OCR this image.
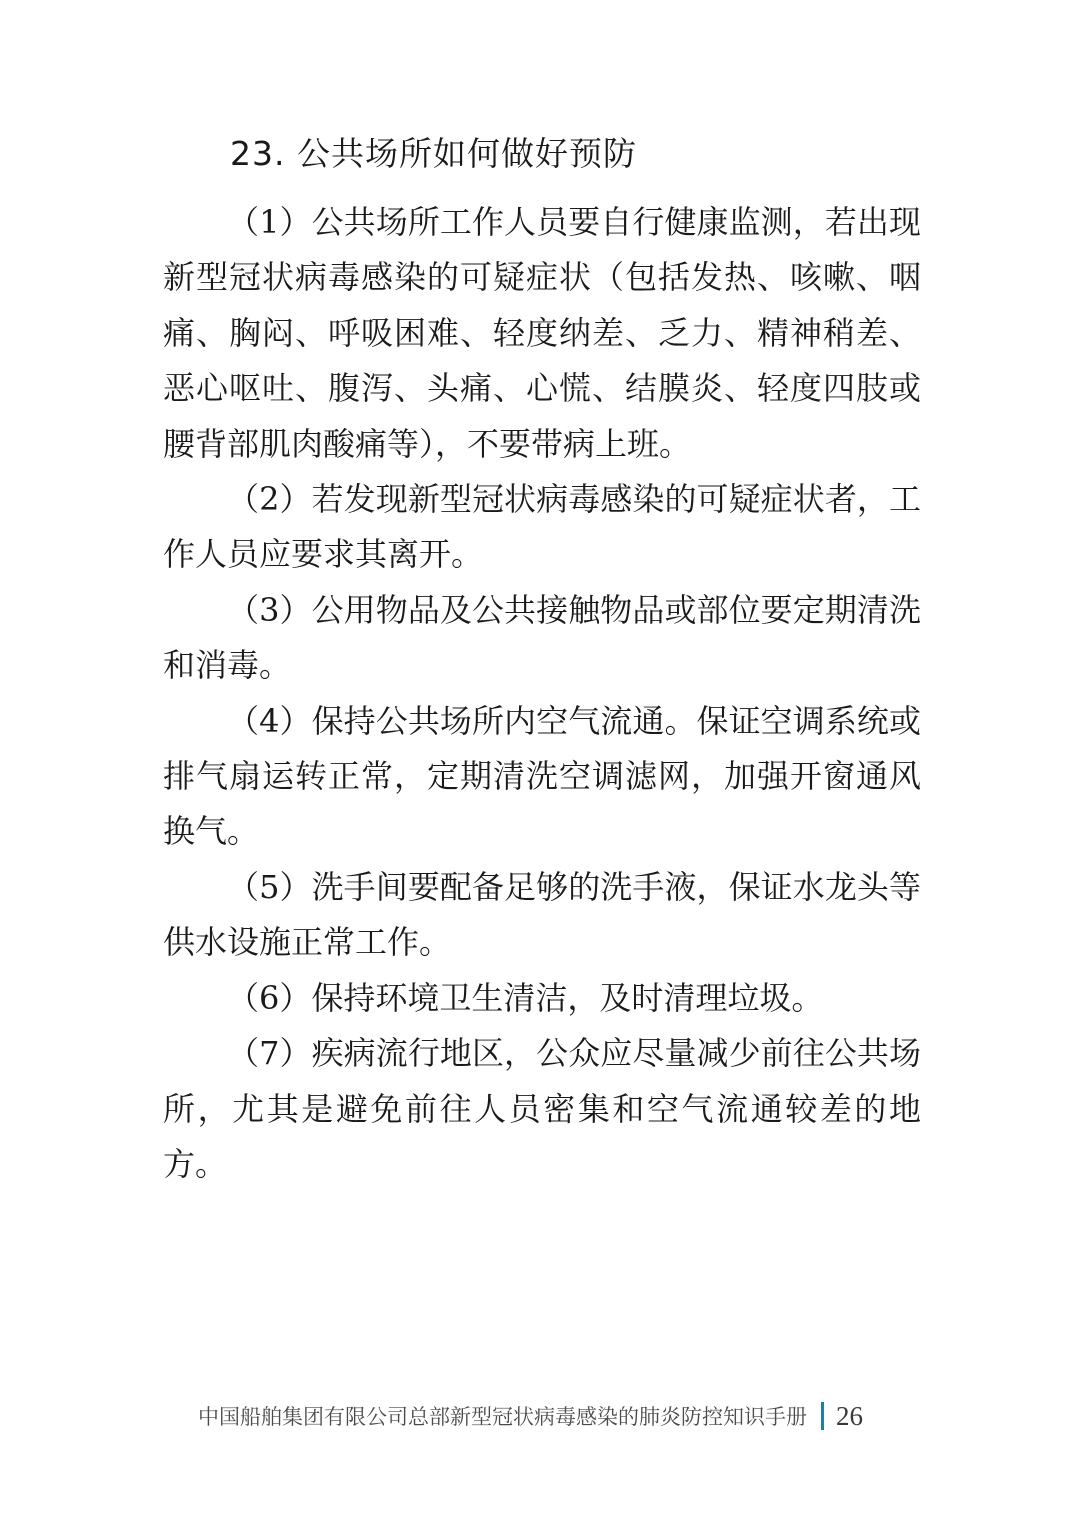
23. 公共场所如何做好预防

（1）公共场所工作人员要自行健康监测，若出现新型冠状病毒感染的可疑症状（包括发热、咳嗽、咽痛、胸闷、呼吸困难、轻度纳差、乏力、精神稍差、恶心呕吐、腹泻、头痛、心慌、结膜炎、轻度四肢或腰背部肌肉酸痛等），不要带病上班。

（2）若发现新型冠状病毒感染的可疑症状者，工作人员应要求其离开。

（3）公用物品及公共接触物品或部位要定期清洗和消毒。

（4）保持公共场所内空气流通。保证空调系统或排气扇运转正常，定期清洗空调滤网，加强开窗通风换气。

（5）洗手间要配备足够的洗手液，保证水龙头等供水设施正常工作。

（6）保持环境卫生清洁，及时清理垃圾。

（7）疾病流行地区，公众应尽量减少前往公共场所，尤其是避免前往人员密集和空气流通较差的地方。

中国船舶集团有限公司总部新型冠状病毒感染的肺炎防控知识手册 26
